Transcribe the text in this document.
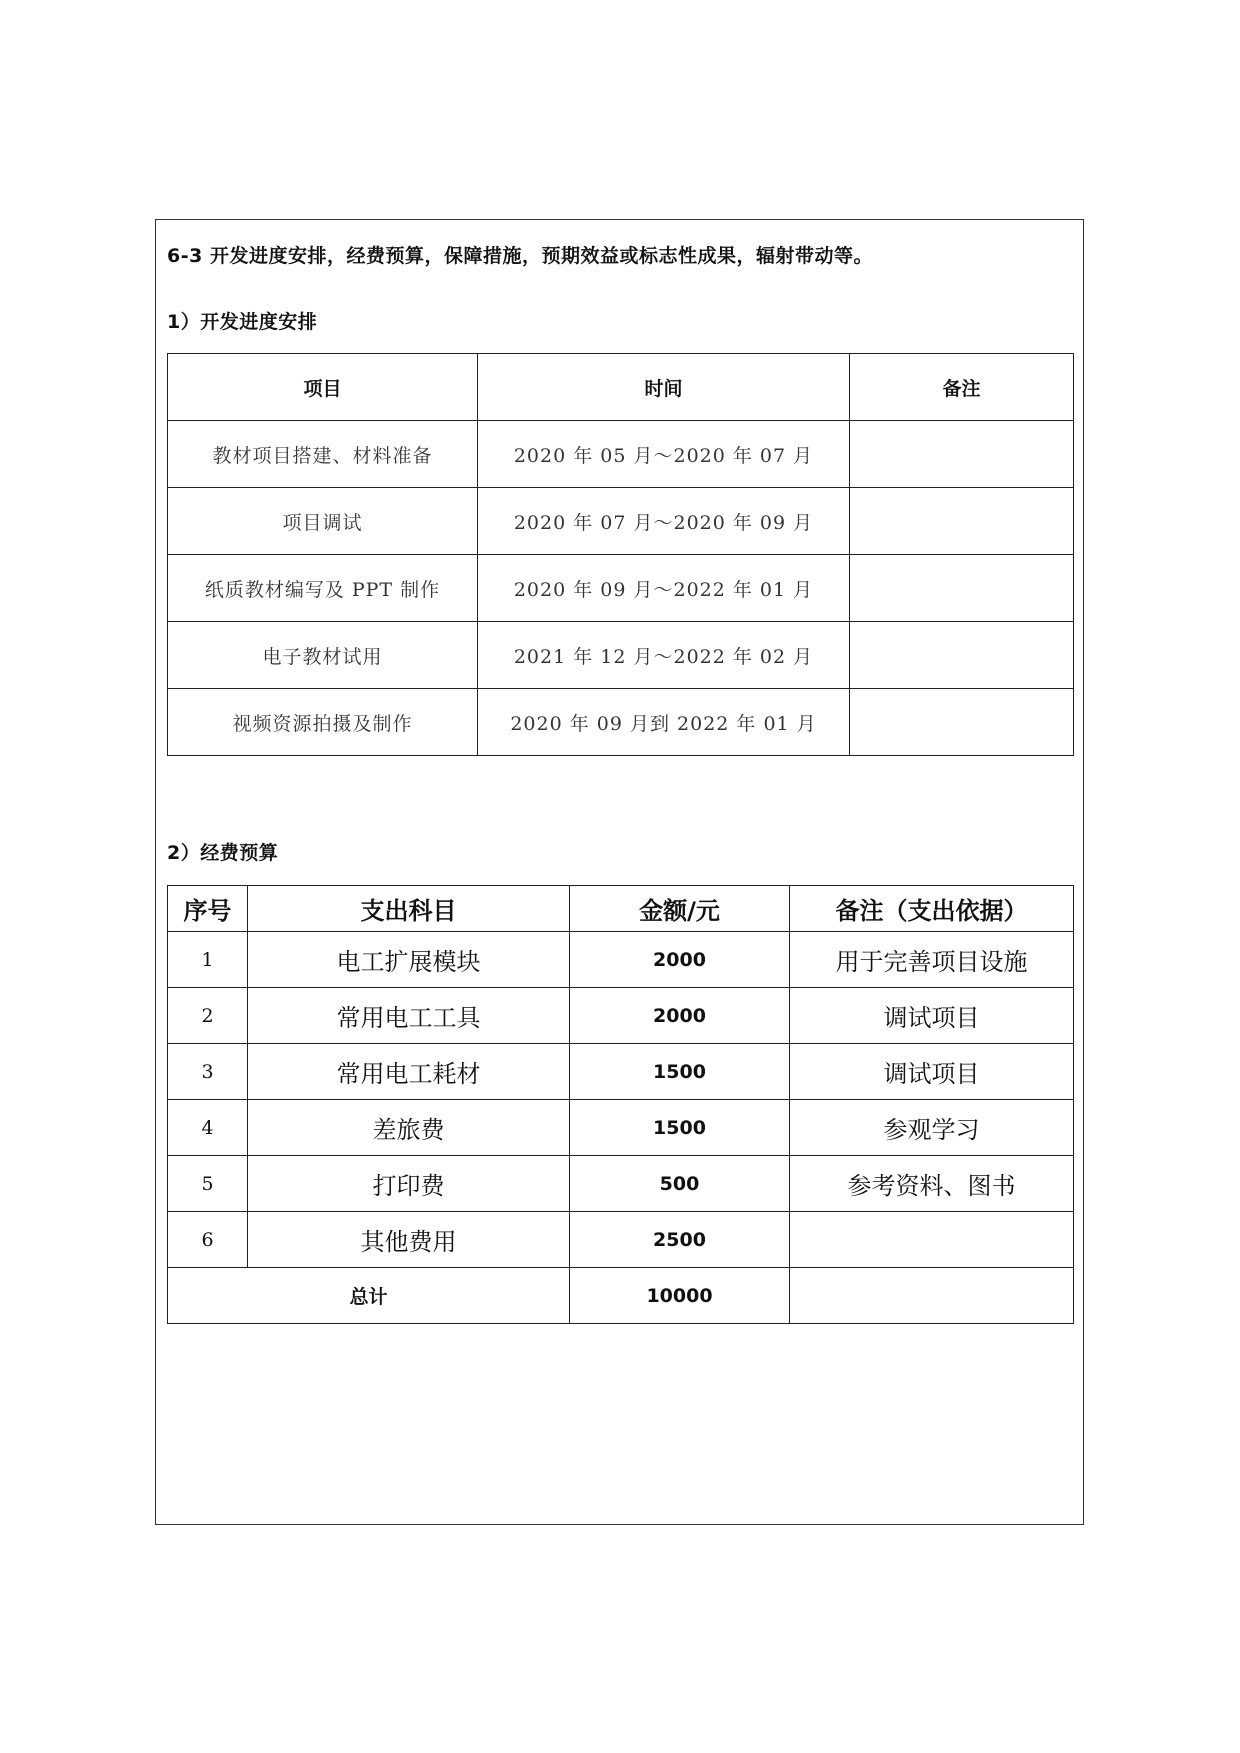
6-3 开发进度安排，经费预算，保障措施，预期效益或标志性成果，辐射带动等。
1）开发进度安排
项目	时间	备注
教材项目搭建、材料准备	2020 年 05 月～2020 年 07 月	
项目调试	2020 年 07 月～2020 年 09 月	
纸质教材编写及 PPT 制作	2020 年 09 月～2022 年 01 月	
电子教材试用	2021 年 12 月～2022 年 02 月	
视频资源拍摄及制作	2020 年 09 月到 2022 年 01 月	
2）经费预算
序号	支出科目	金额/元	备注（支出依据）
1	电工扩展模块	2000	用于完善项目设施
2	常用电工工具	2000	调试项目
3	常用电工耗材	1500	调试项目
4	差旅费	1500	参观学习
5	打印费	500	参考资料、图书
6	其他费用	2500	
总计		10000	
